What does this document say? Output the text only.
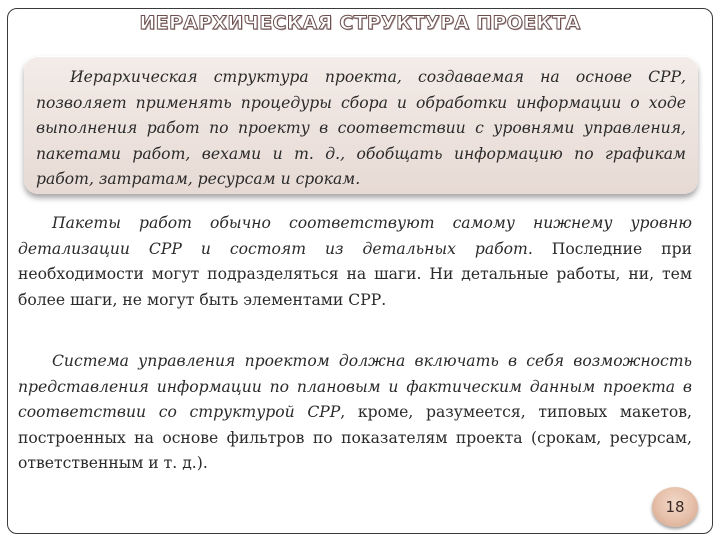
ИЕРАРХИЧЕСКАЯ СТРУКТУРА ПРОЕКТА

Иерархическая структура проекта, создаваемая на основе СРР, позволяет применять процедуры сбора и обработки информации о ходе выполнения работ по проекту в соответствии с уровнями управления, пакетами работ, вехами и т. д., обобщать информацию по графикам работ, затратам, ресурсам и срокам.

Пакеты работ обычно соответствуют самому нижнему уровню детализации СРР и состоят из детальных работ. Последние при необходимости могут подразделяться на шаги. Ни детальные работы, ни, тем более шаги, не могут быть элементами СРР.

Система управления проектом должна включать в себя возможность представления информации по плановым и фактическим данным проекта в соответствии со структурой СРР, кроме, разумеется, типовых макетов, построенных на основе фильтров по показателям проекта (срокам, ресурсам, ответственным и т. д.).

18
